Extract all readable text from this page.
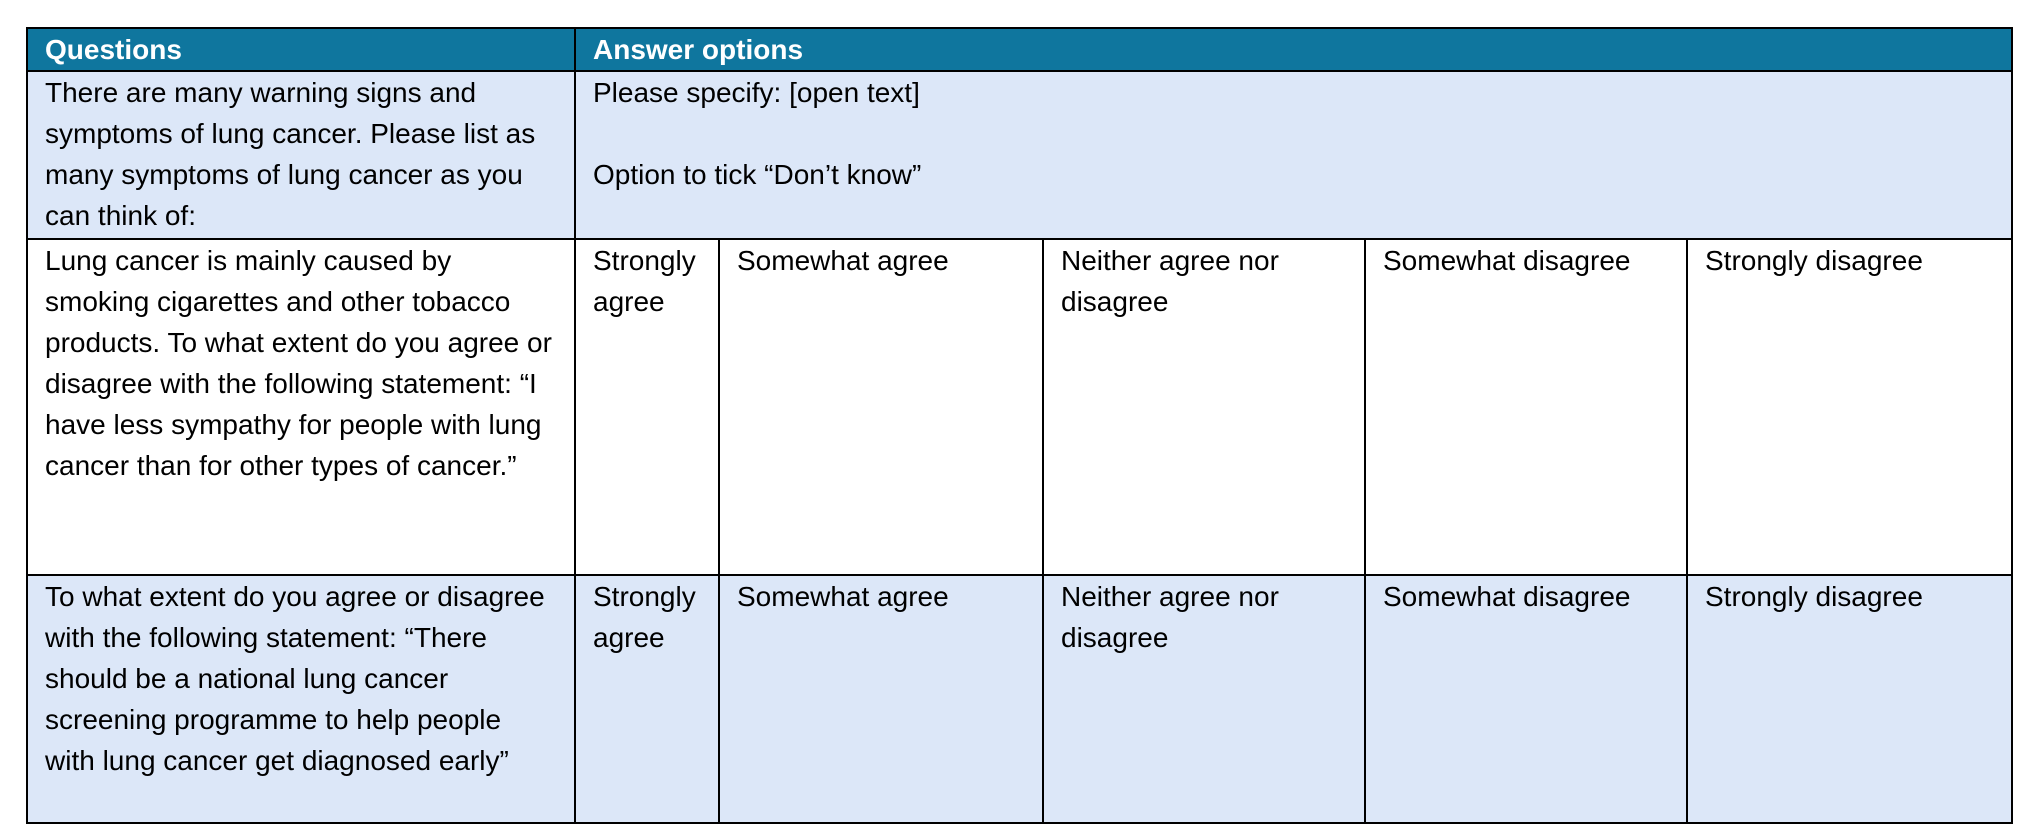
Questions	Answer options				
There are many warning signs and symptoms of lung cancer. Please list as many symptoms of lung cancer as you can think of:	Please specify: [open text]
Option to tick “Don’t know”				

Lung cancer is mainly caused by smoking cigarettes and other tobacco products. To what extent do you agree or disagree with the following statement: “I have less sympathy for people with lung cancer than for other types of cancer.”	Strongly agree	Somewhat agree	Neither agree nor disagree	Somewhat disagree	Strongly disagree
To what extent do you agree or disagree with the following statement: “There should be a national lung cancer screening programme to help people with lung cancer get diagnosed early”	Strongly agree	Somewhat agree	Neither agree nor disagree	Somewhat disagree	Strongly disagree
